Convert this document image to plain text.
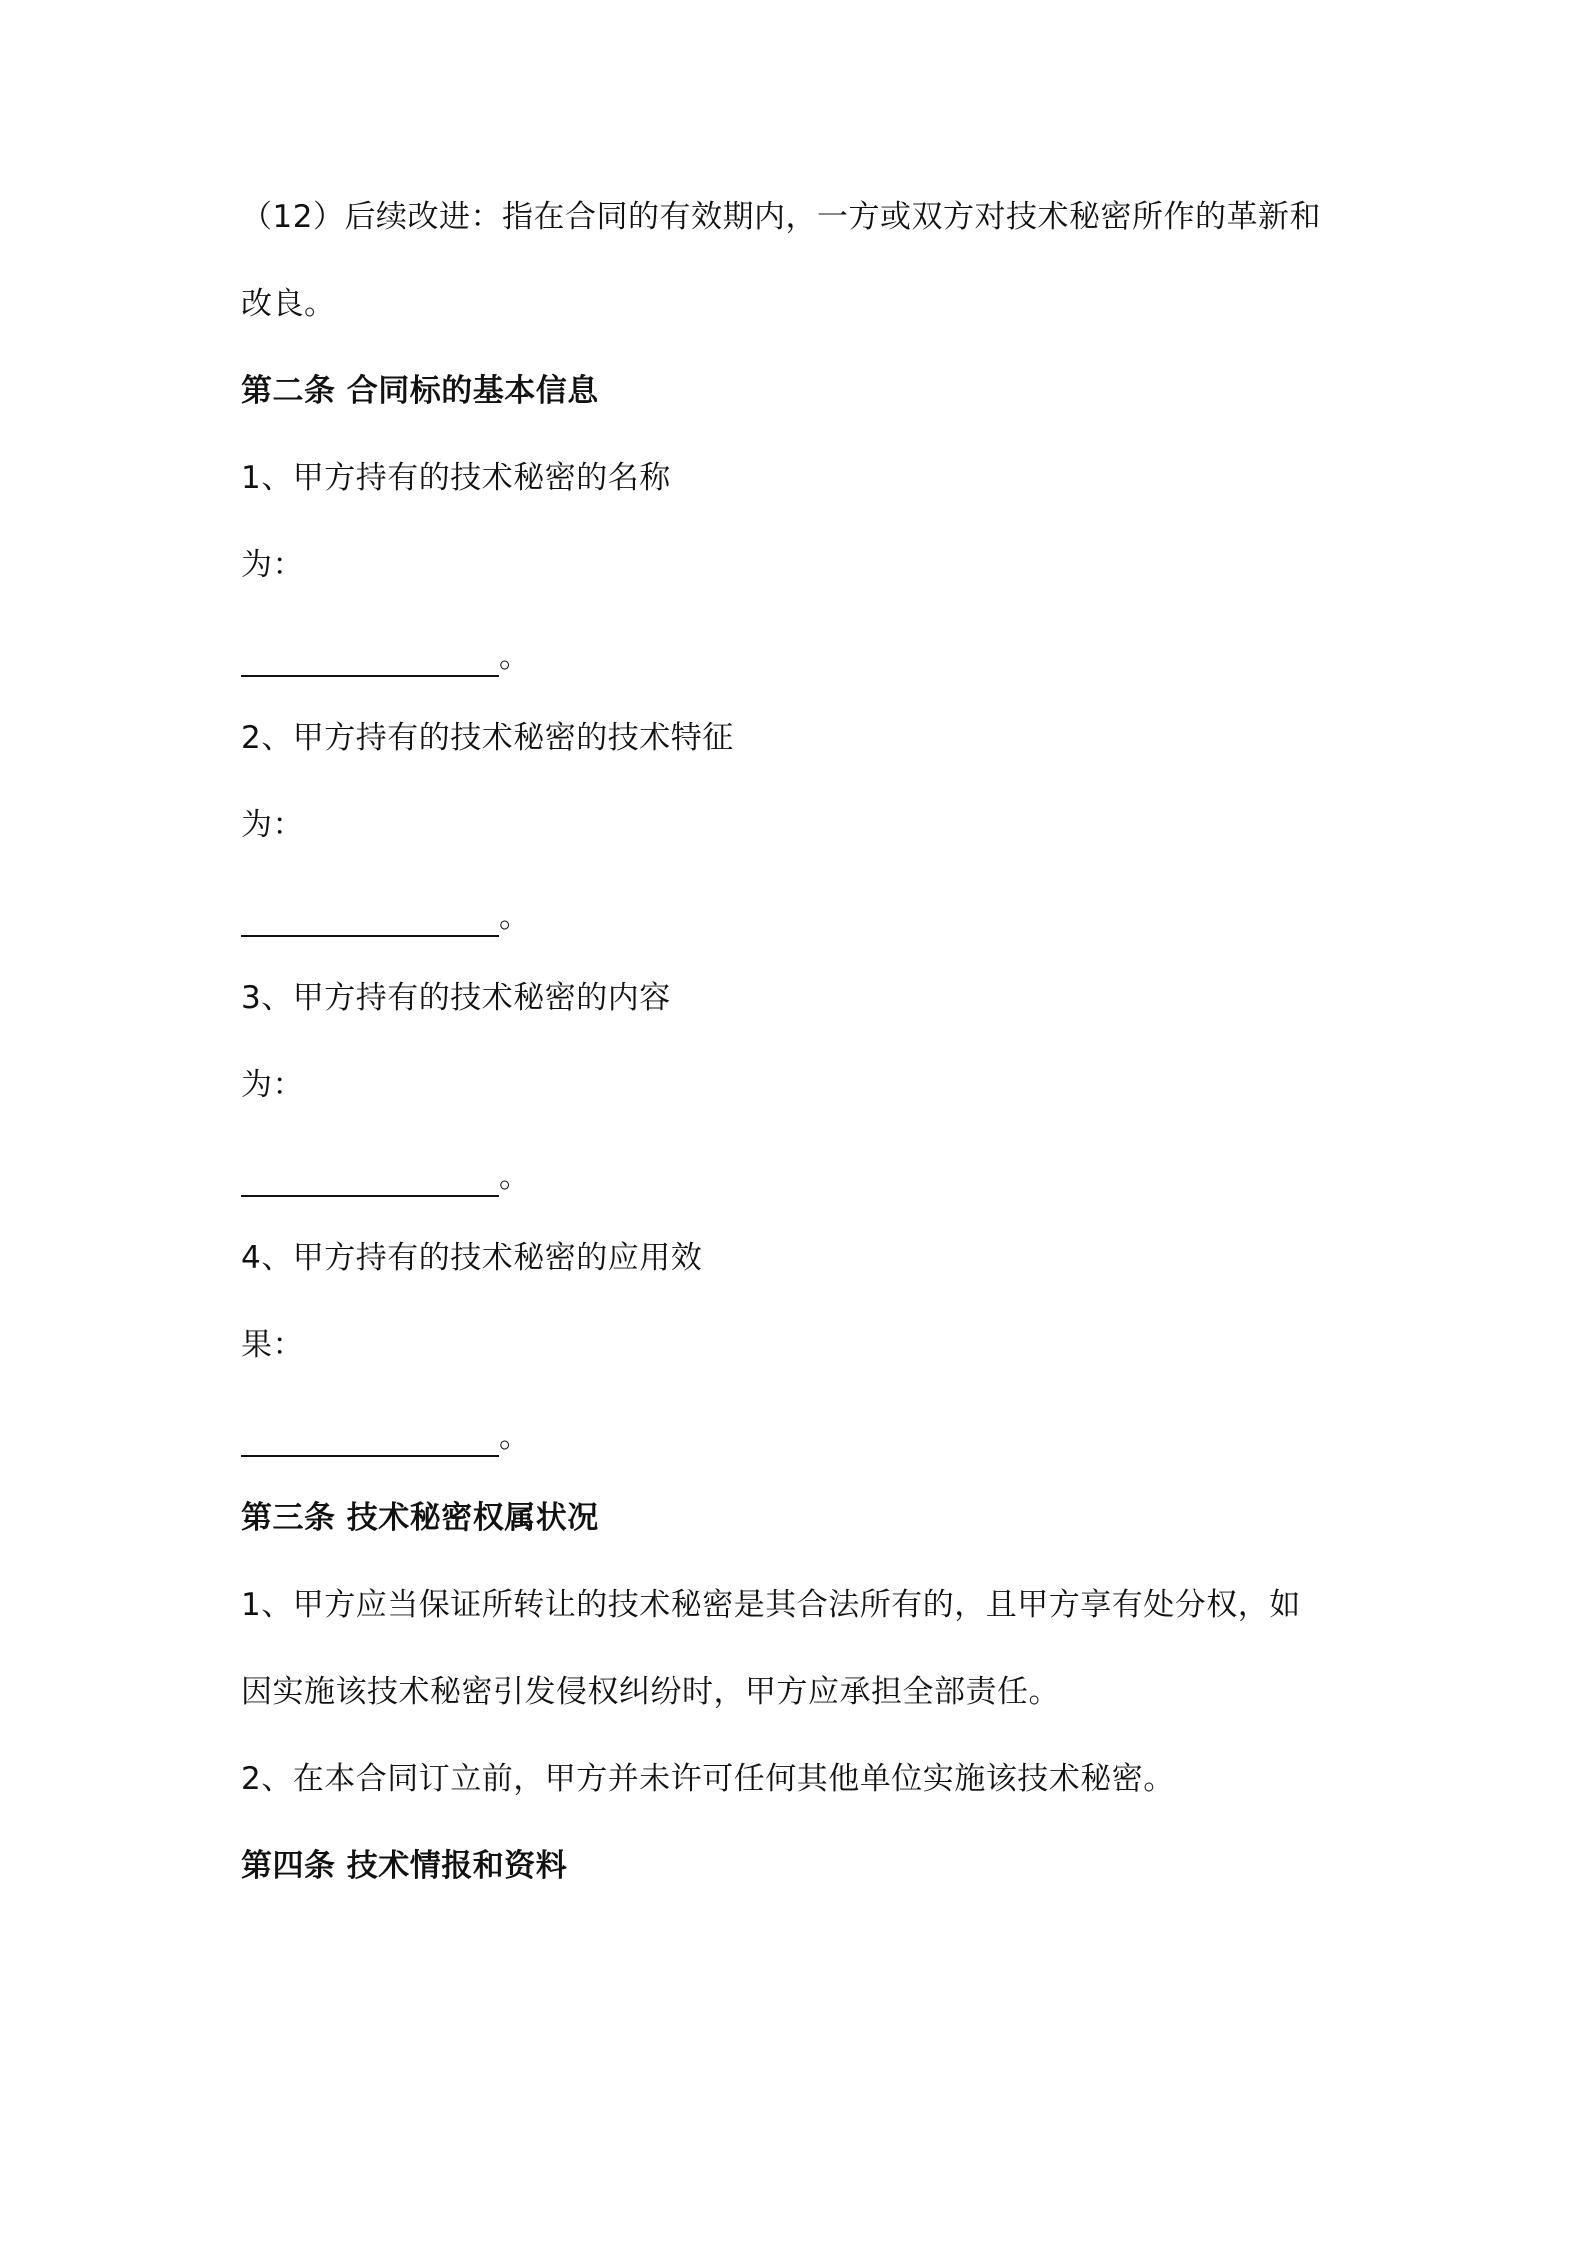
（12）后续改进：指在合同的有效期内，一方或双方对技术秘密所作的革新和
改良。
第二条 合同标的基本信息
1、甲方持有的技术秘密的名称
为：
。
2、甲方持有的技术秘密的技术特征
为：
。
3、甲方持有的技术秘密的内容
为：
。
4、甲方持有的技术秘密的应用效
果：
。
第三条 技术秘密权属状况
1、甲方应当保证所转让的技术秘密是其合法所有的，且甲方享有处分权，如
因实施该技术秘密引发侵权纠纷时，甲方应承担全部责任。
2、在本合同订立前，甲方并未许可任何其他单位实施该技术秘密。
第四条 技术情报和资料
